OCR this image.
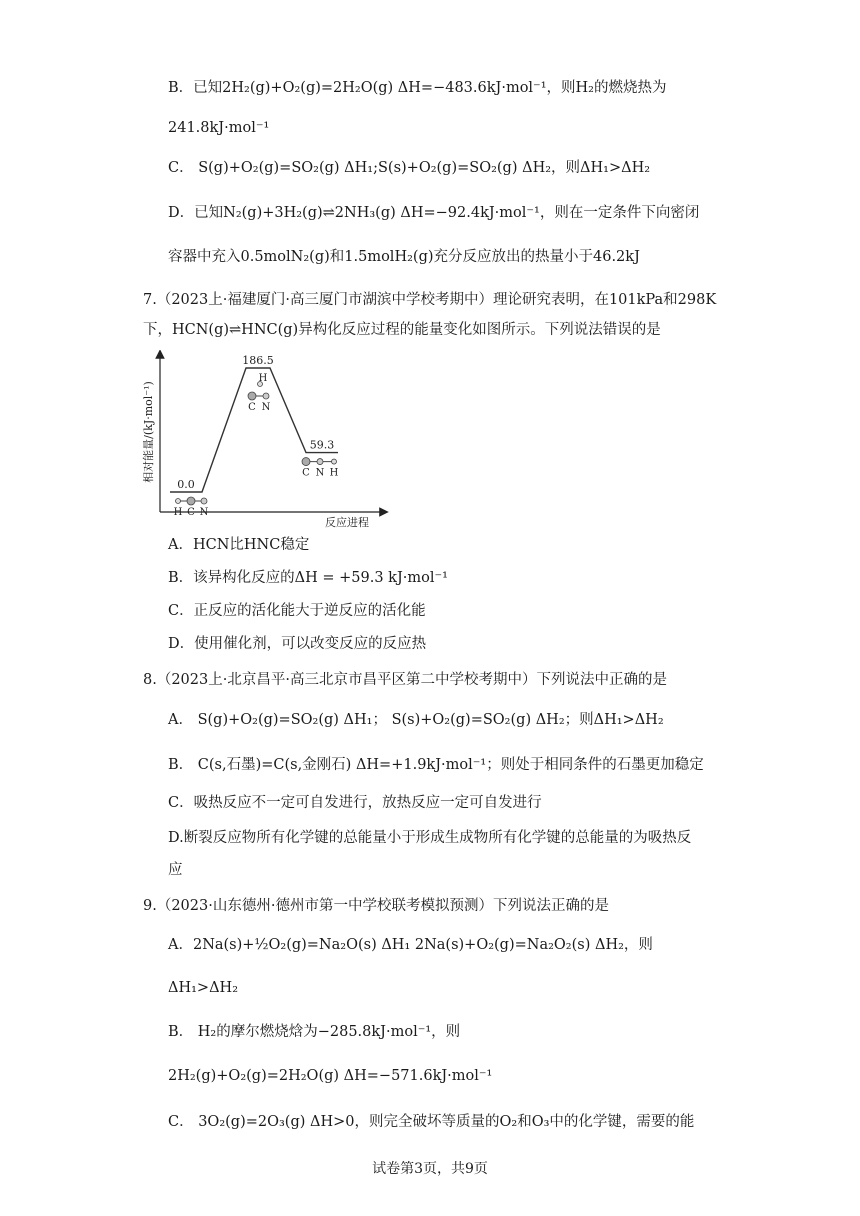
B．已知2H₂(g)+O₂(g)=2H₂O(g) ΔH=−483.6kJ·mol⁻¹，则H₂的燃烧热为
241.8kJ·mol⁻¹
C． S(g)+O₂(g)=SO₂(g) ΔH₁;S(s)+O₂(g)=SO₂(g) ΔH₂，则ΔH₁>ΔH₂
D．已知N₂(g)+3H₂(g)⇌2NH₃(g) ΔH=−92.4kJ·mol⁻¹，则在一定条件下向密闭
容器中充入0.5molN₂(g)和1.5molH₂(g)充分反应放出的热量小于46.2kJ
7.（2023上·福建厦门·高三厦门市湖滨中学校考期中）理论研究表明，在101kPa和298K
下，HCN(g)⇌HNC(g)异构化反应过程的能量变化如图所示。下列说法错误的是
相对能量/(kJ·mol⁻¹)
反应进程
0.0
186.5
59.3
H C N
H
C N
C N H
A．HCN比HNC稳定
B．该异构化反应的ΔH = +59.3 kJ·mol⁻¹
C．正反应的活化能大于逆反应的活化能
D．使用催化剂，可以改变反应的反应热
8.（2023上·北京昌平·高三北京市昌平区第二中学校考期中）下列说法中正确的是
A． S(g)+O₂(g)=SO₂(g) ΔH₁； S(s)+O₂(g)=SO₂(g) ΔH₂；则ΔH₁>ΔH₂
B． C(s,石墨)=C(s,金刚石) ΔH=+1.9kJ·mol⁻¹；则处于相同条件的石墨更加稳定
C．吸热反应不一定可自发进行，放热反应一定可自发进行
D.断裂反应物所有化学键的总能量小于形成生成物所有化学键的总能量的为吸热反
应
9.（2023·山东德州·德州市第一中学校联考模拟预测）下列说法正确的是
A．2Na(s)+½O₂(g)=Na₂O(s) ΔH₁ 2Na(s)+O₂(g)=Na₂O₂(s) ΔH₂，则
ΔH₁>ΔH₂
B． H₂的摩尔燃烧焓为−285.8kJ·mol⁻¹，则
2H₂(g)+O₂(g)=2H₂O(g) ΔH=−571.6kJ·mol⁻¹
C． 3O₂(g)=2O₃(g) ΔH>0，则完全破坏等质量的O₂和O₃中的化学键，需要的能
试卷第3页，共9页
